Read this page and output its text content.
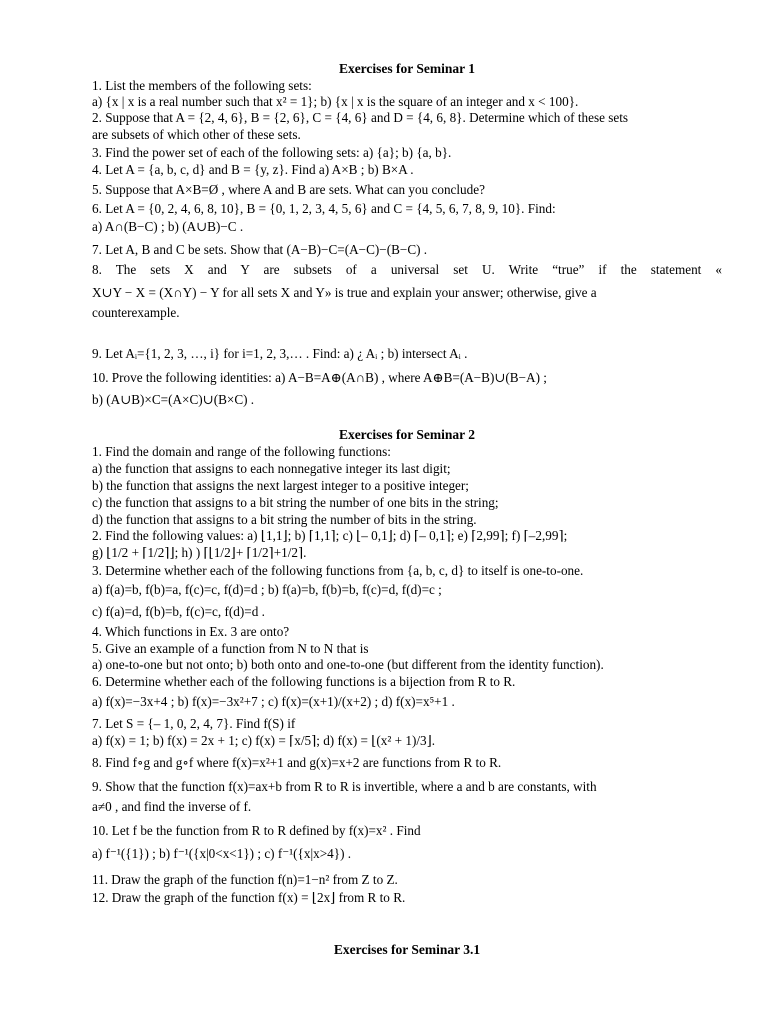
Exercises for Seminar 1
1. List the members of the following sets:
a) {x | x is a real number such that x² = 1}; b) {x | x is the square of an integer and x < 100}.
2. Suppose that A = {2, 4, 6}, B = {2, 6}, C = {4, 6} and D = {4, 6, 8}. Determine which of these sets
are subsets of which other of these sets.
3. Find the power set of each of the following sets: a) {a}; b) {a, b}.
4. Let A = {a, b, c, d} and B = {y, z}. Find a) A×B ; b) B×A .
5. Suppose that A×B=Ø , where A and B are sets. What can you conclude?
6. Let A = {0, 2, 4, 6, 8, 10}, B = {0, 1, 2, 3, 4, 5, 6} and C = {4, 5, 6, 7, 8, 9, 10}. Find:
a) A∩(B−C) ; b) (A∪B)−C .
7. Let A, B and C be sets. Show that (A−B)−C=(A−C)−(B−C) .
8. The sets X and Y are subsets of a universal set U. Write “true” if the statement «
X∪Y − X = (X∩Y) − Y for all sets X and Y» is true and explain your answer; otherwise, give a
counterexample.
9. Let Aᵢ={1, 2, 3, …, i} for i=1, 2, 3,… . Find: a) ¿ Aᵢ ; b) intersect Aᵢ .
10. Prove the following identities: a) A−B=A⊕(A∩B) , where A⊕B=(A−B)∪(B−A) ;
b) (A∪B)×C=(A×C)∪(B×C) .
Exercises for Seminar 2
1. Find the domain and range of the following functions:
a) the function that assigns to each nonnegative integer its last digit;
b) the function that assigns the next largest integer to a positive integer;
c) the function that assigns to a bit string the number of one bits in the string;
d) the function that assigns to a bit string the number of bits in the string.
2. Find the following values: a) ⌊1,1⌋; b) ⌈1,1⌉; c) ⌊– 0,1⌋; d) ⌈– 0,1⌉; e) ⌈2,99⌉; f) ⌈–2,99⌉;
g) ⌊1/2 + ⌈1/2⌉⌋; h) ) ⌈⌊1/2⌋+ ⌈1/2⌉+1/2⌉.
3. Determine whether each of the following functions from {a, b, c, d} to itself is one-to-one.
a) f(a)=b, f(b)=a, f(c)=c, f(d)=d ; b) f(a)=b, f(b)=b, f(c)=d, f(d)=c ;
c) f(a)=d, f(b)=b, f(c)=c, f(d)=d .
4. Which functions in Ex. 3 are onto?
5. Give an example of a function from N to N that is
a) one-to-one but not onto; b) both onto and one-to-one (but different from the identity function).
6. Determine whether each of the following functions is a bijection from R to R.
a) f(x)=−3x+4 ; b) f(x)=−3x²+7 ; c) f(x)=(x+1)/(x+2) ; d) f(x)=x⁵+1 .
7. Let S = {– 1, 0, 2, 4, 7}. Find f(S) if
a) f(x) = 1; b) f(x) = 2x + 1; c) f(x) = ⌈x/5⌉; d) f(x) = ⌊(x² + 1)/3⌋.
8. Find f∘g and g∘f where f(x)=x²+1 and g(x)=x+2 are functions from R to R.
9. Show that the function f(x)=ax+b from R to R is invertible, where a and b are constants, with
a≠0 , and find the inverse of f.
10. Let f be the function from R to R defined by f(x)=x² . Find
a) f⁻¹({1}) ; b) f⁻¹({x|0<x<1}) ; c) f⁻¹({x|x>4}) .
11. Draw the graph of the function f(n)=1−n² from Z to Z.
12. Draw the graph of the function f(x) = ⌊2x⌋ from R to R.
Exercises for Seminar 3.1
